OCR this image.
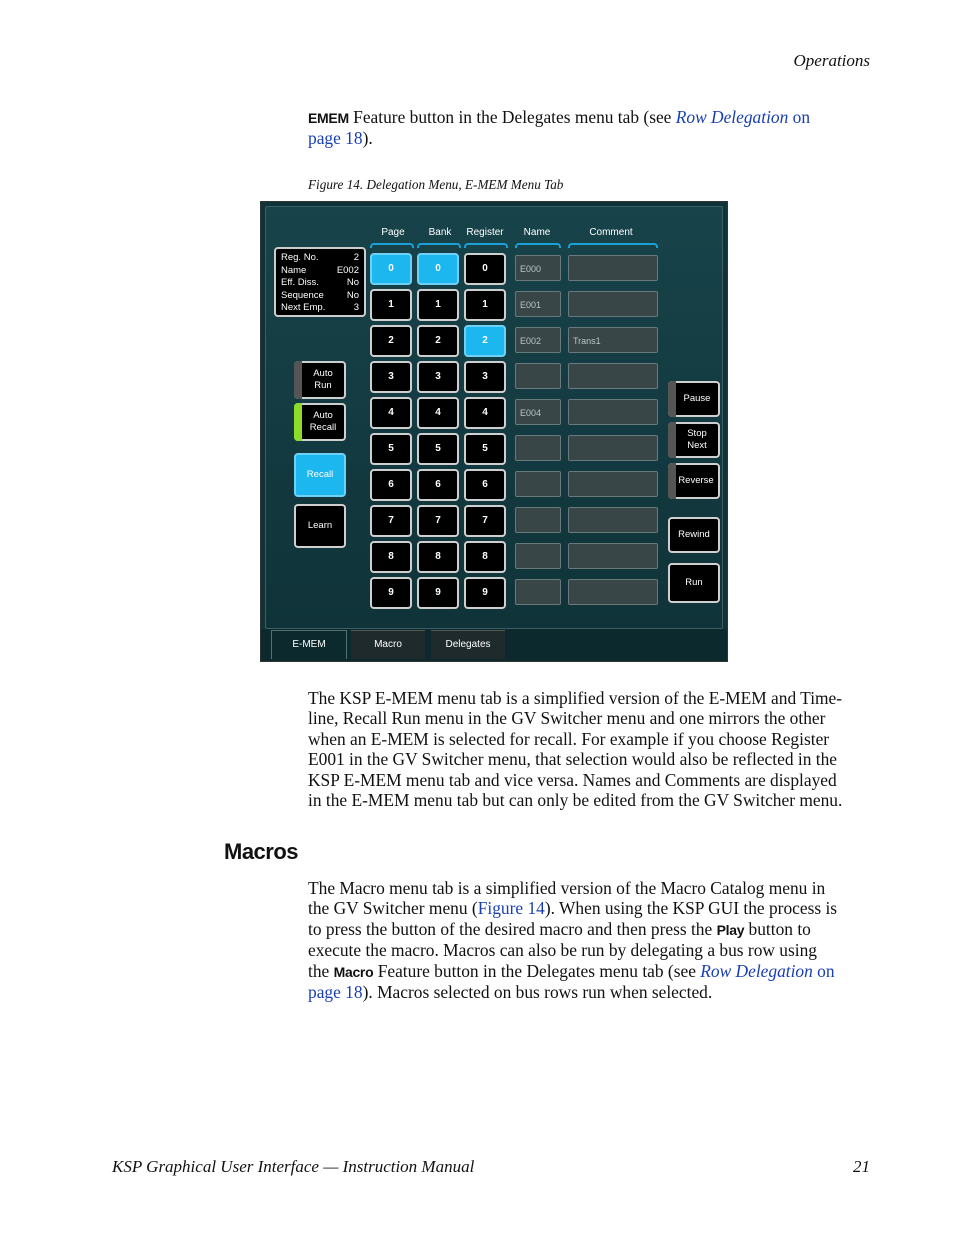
Operations
EMEM Feature button in the Delegates menu tab (see Row Delegation on
page 18).
Figure 14. Delegation Menu, E-MEM Menu Tab
Page	Bank	Register	Name	Comment
Reg. No.	2
Name	E002
Eff. Diss.	No
Sequence No
Next Emp.	3
0	0	0	E000
1	1	1	E001
2	2	2	E002	Trans1
3	3	3
4	4	4	E004
5	5	5
6	6	6
7	7	7
8	8	8
9	9	9
Auto Run
Auto Recall
Recall
Learn
Pause
Stop Next
Reverse
Rewind
Run
E-MEM	Macro	Delegates
The KSP E-MEM menu tab is a simplified version of the E-MEM and Time-
line, Recall Run menu in the GV Switcher menu and one mirrors the other
when an E-MEM is selected for recall. For example if you choose Register
E001 in the GV Switcher menu, that selection would also be reflected in the
KSP E-MEM menu tab and vice versa. Names and Comments are displayed
in the E-MEM menu tab but can only be edited from the GV Switcher menu.
Macros
The Macro menu tab is a simplified version of the Macro Catalog menu in
the GV Switcher menu (Figure 14). When using the KSP GUI the process is
to press the button of the desired macro and then press the Play button to
execute the macro. Macros can also be run by delegating a bus row using
the Macro Feature button in the Delegates menu tab (see Row Delegation on
page 18). Macros selected on bus rows run when selected.
KSP Graphical User Interface — Instruction Manual	21
